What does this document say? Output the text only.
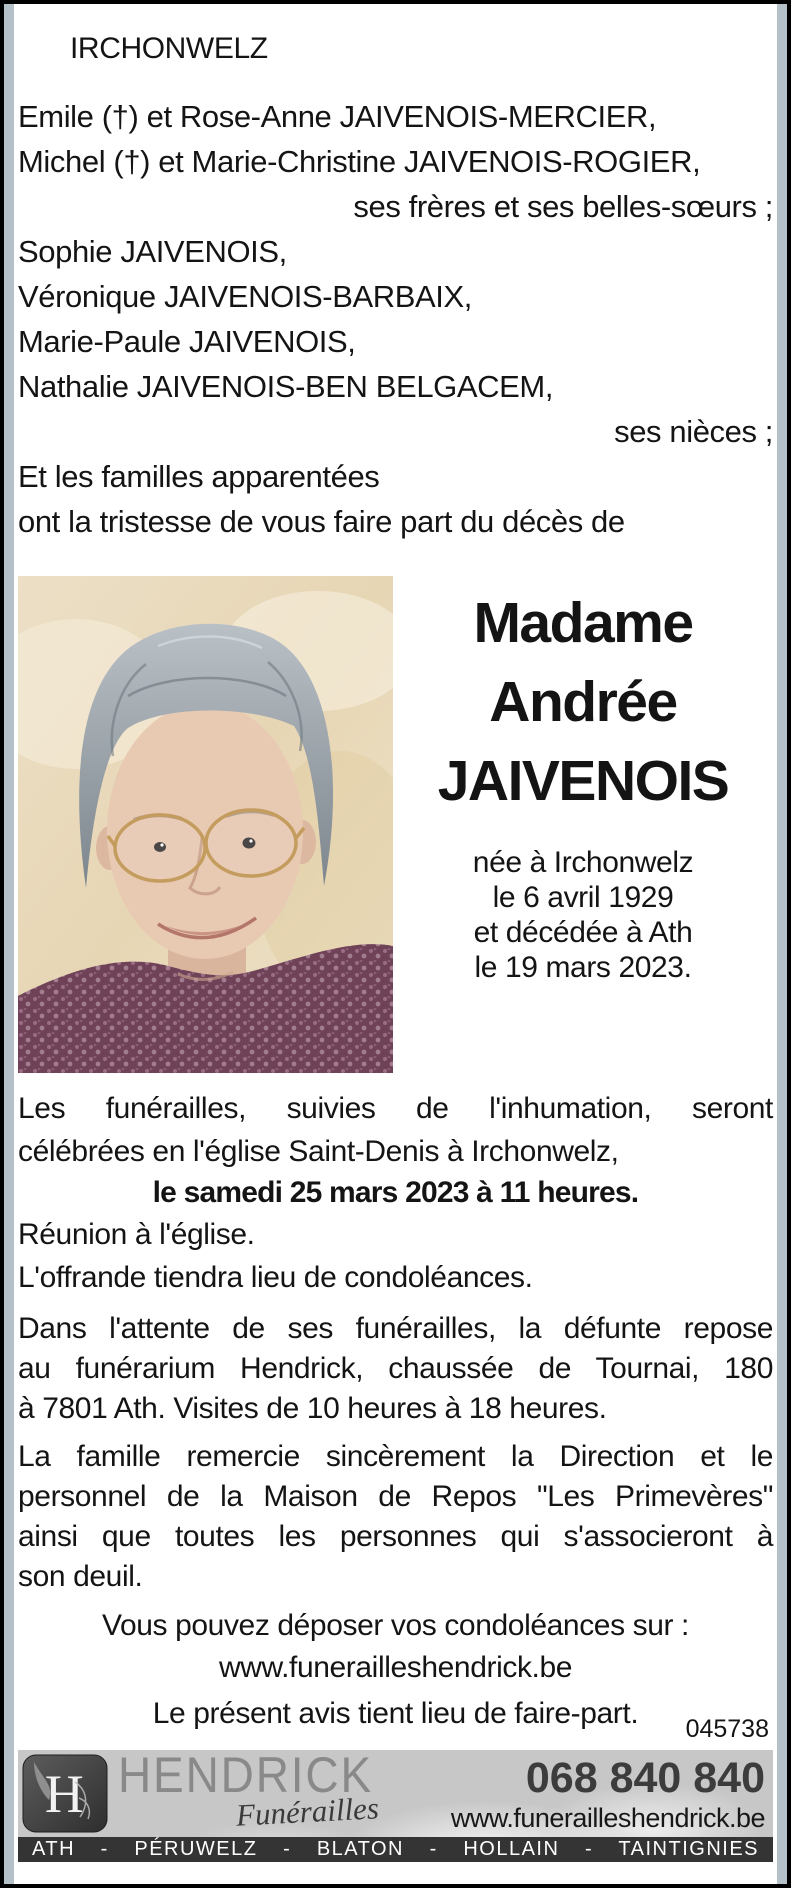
IRCHONWELZ
Emile (†) et Rose-Anne JAIVENOIS-MERCIER,
Michel (†) et Marie-Christine JAIVENOIS-ROGIER,
ses frères et ses belles-sœurs ;
Sophie JAIVENOIS,
Véronique JAIVENOIS-BARBAIX,
Marie-Paule JAIVENOIS,
Nathalie JAIVENOIS-BEN BELGACEM,
ses nièces ;
Et les familles apparentées
ont la tristesse de vous faire part du décès de
Madame
Andrée
JAIVENOIS
née à Irchonwelz
le 6 avril 1929
et décédée à Ath
le 19 mars 2023.
Les funérailles, suivies de l'inhumation, seront
célébrées en l'église Saint-Denis à Irchonwelz,
le samedi 25 mars 2023 à 11 heures.
Réunion à l'église.
L'offrande tiendra lieu de condoléances.
Dans l'attente de ses funérailles, la défunte repose
au funérarium Hendrick, chaussée de Tournai, 180
à 7801 Ath. Visites de 10 heures à 18 heures.
La famille remercie sincèrement la Direction et le
personnel de la Maison de Repos "Les Primevères"
ainsi que toutes les personnes qui s'associeront à
son deuil.
Vous pouvez déposer vos condoléances sur :
www.funerailleshendrick.be
Le présent avis tient lieu de faire-part.	045738
H HENDRICK
Funérailles
068 840 840
www.funerailleshendrick.be
ATH - PÉRUWELZ - BLATON - HOLLAIN - TAINTIGNIES
